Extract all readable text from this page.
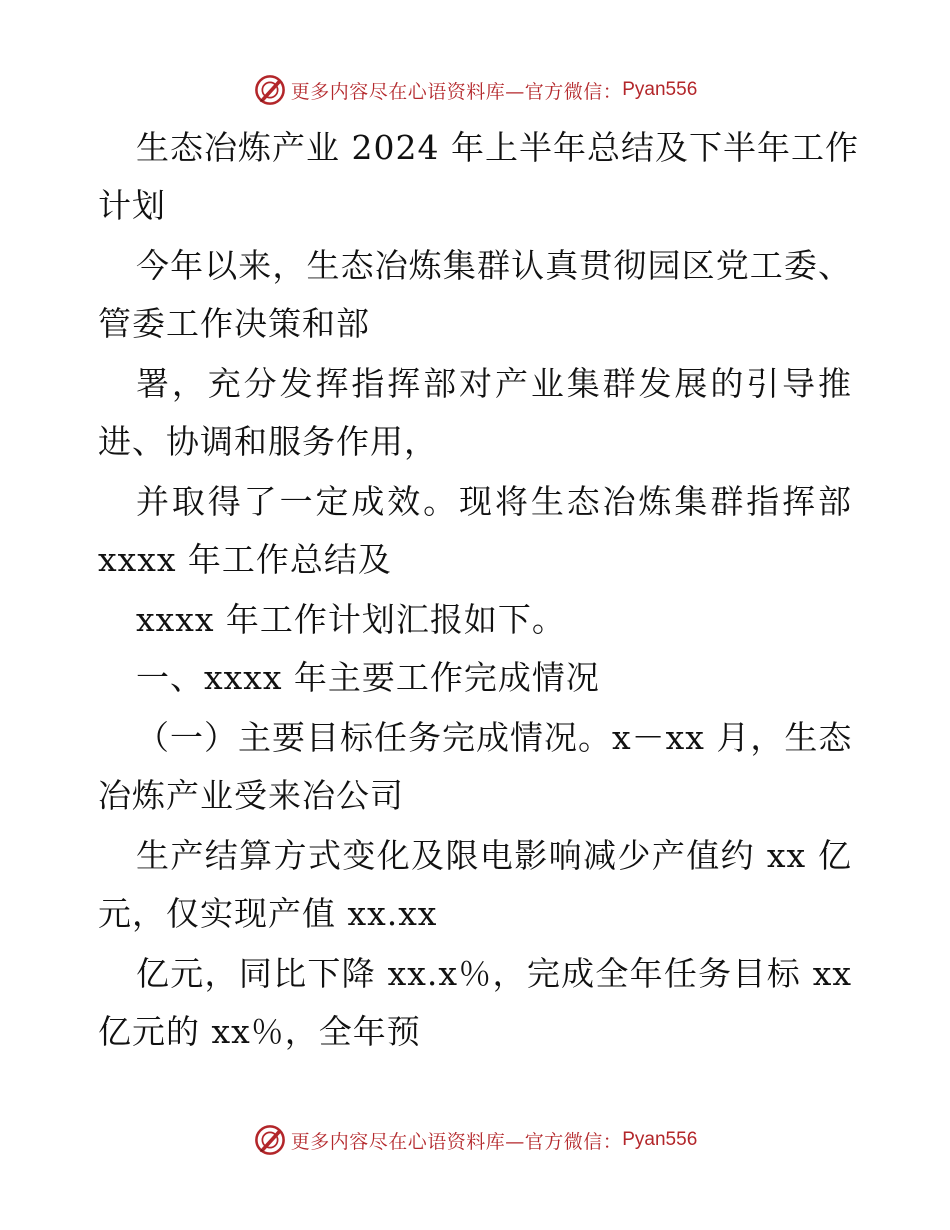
更多内容尽在心语资料库—官方微信： Pyan556
生态冶炼产业 2024 年上半年总结及下半年工作
计划
今年以来，生态冶炼集群认真贯彻园区党工委、
管委工作决策和部
署，充分发挥指挥部对产业集群发展的引导推
进、协调和服务作用，
并取得了一定成效。现将生态冶炼集群指挥部
xxxx 年工作总结及
xxxx 年工作计划汇报如下。
一、xxxx 年主要工作完成情况
（一）主要目标任务完成情况。x－xx 月，生态
冶炼产业受来冶公司
生产结算方式变化及限电影响减少产值约 xx 亿
元，仅实现产值 xx.xx
亿元，同比下降 xx.x％，完成全年任务目标 xx
亿元的 xx％，全年预
更多内容尽在心语资料库—官方微信： Pyan556
